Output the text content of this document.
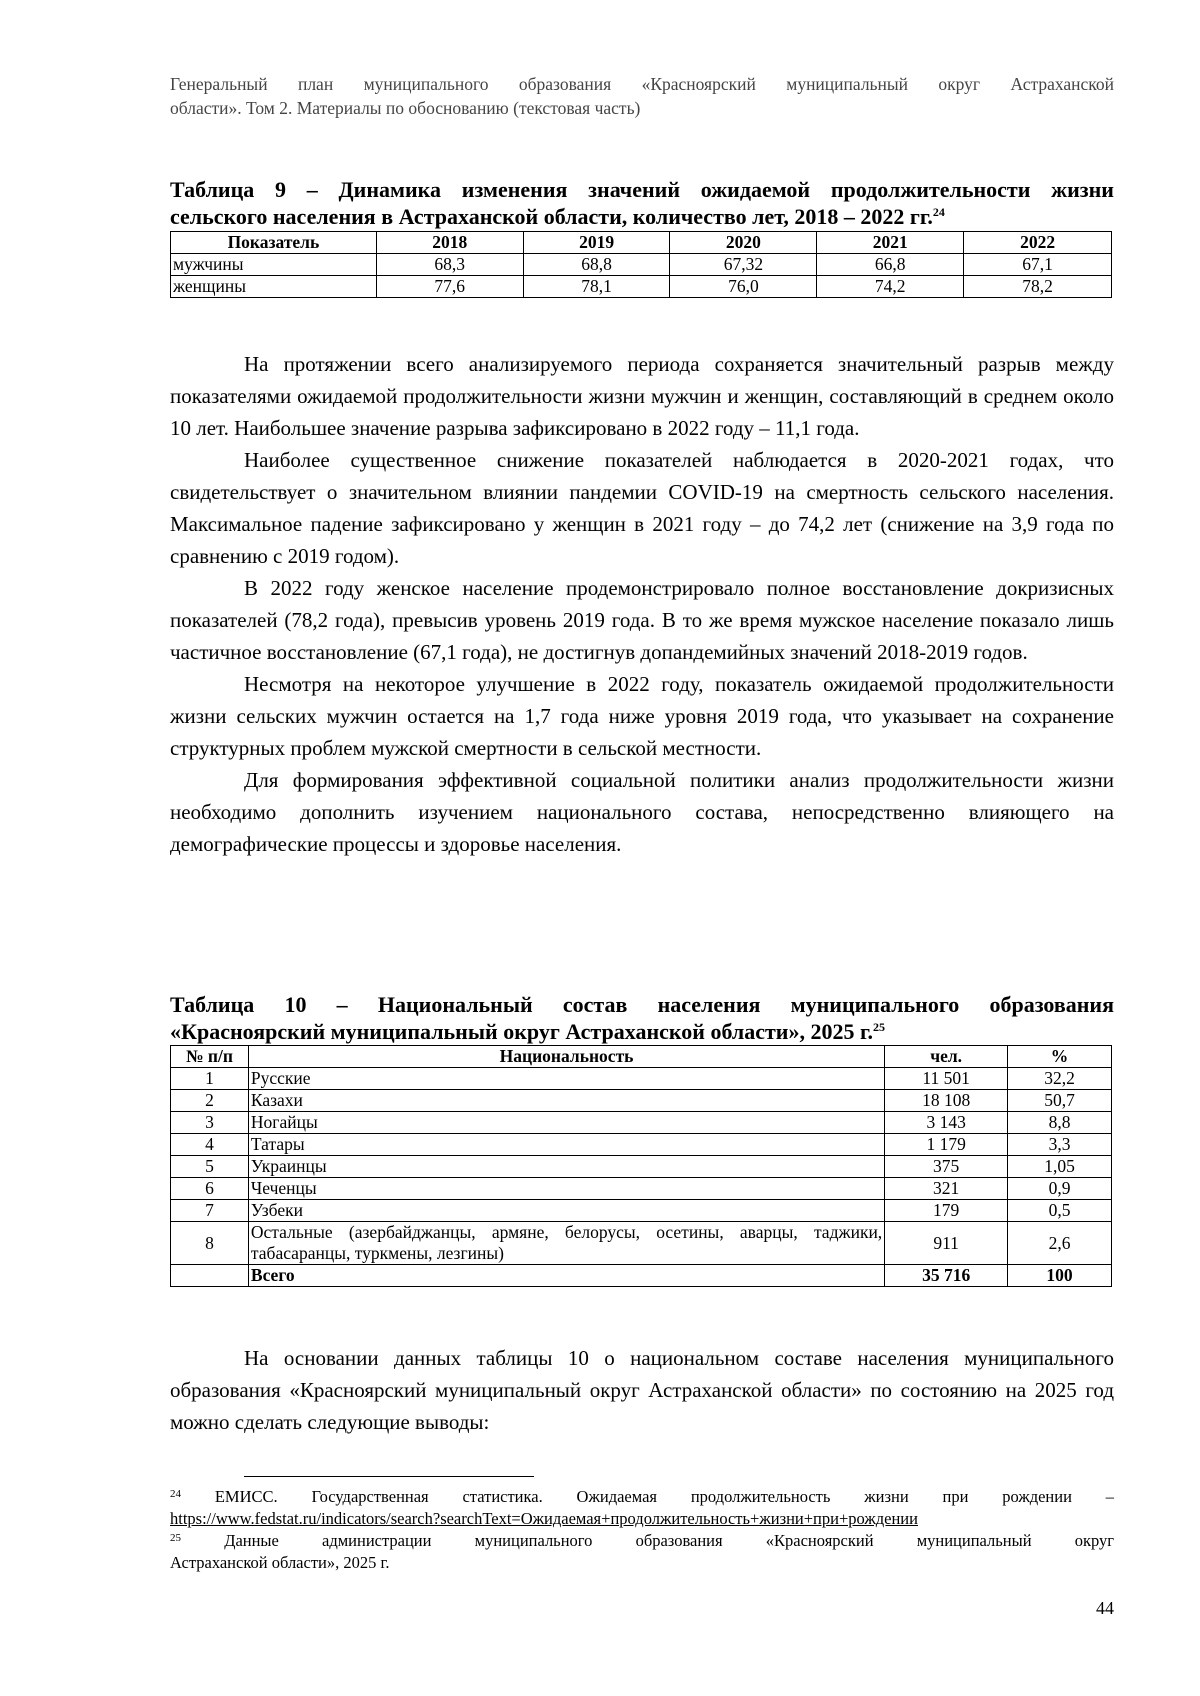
Генеральный план муниципального образования «Красноярский муниципальный округ Астраханской
области». Том 2. Материалы по обоснованию (текстовая часть)
Таблица 9 – Динамика изменения значений ожидаемой продолжительности жизни
сельского населения в Астраханской области, количество лет, 2018 – 2022 гг.$^{24}$
Показатель	2018	2019	2020	2021	2022
мужчины	68,3	68,8	67,32	66,8	67,1
женщины	77,6	78,1	76,0	74,2	78,2

На протяжении всего анализируемого периода сохраняется значительный разрыв между показателями ожидаемой продолжительности жизни мужчин и женщин, составляющий в среднем около 10 лет. Наибольшее значение разрыва зафиксировано в 2022 году – 11,1 года.

Наиболее существенное снижение показателей наблюдается в 2020-2021 годах, что свидетельствует о значительном влиянии пандемии COVID-19 на смертность сельского населения. Максимальное падение зафиксировано у женщин в 2021 году – до 74,2 лет (снижение на 3,9 года по сравнению с 2019 годом).

В 2022 году женское население продемонстрировало полное восстановление докризисных показателей (78,2 года), превысив уровень 2019 года. В то же время мужское население показало лишь частичное восстановление (67,1 года), не достигнув допандемийных значений 2018-2019 годов.

Несмотря на некоторое улучшение в 2022 году, показатель ожидаемой продолжительности жизни сельских мужчин остается на 1,7 года ниже уровня 2019 года, что указывает на сохранение структурных проблем мужской смертности в сельской местности.

Для формирования эффективной социальной политики анализ продолжительности жизни необходимо дополнить изучением национального состава, непосредственно влияющего на демографические процессы и здоровье населения.

Таблица 10 – Национальный состав населения муниципального образования
«Красноярский муниципальный округ Астраханской области», 2025 г.$^{25}$
№ п/п	Национальность	чел.	%
1	Русские	11 501	32,2
2	Казахи	18 108	50,7
3	Ногайцы	3 143	8,8
4	Татары	1 179	3,3
5	Украинцы	375	1,05
6	Чеченцы	321	0,9
7	Узбеки	179	0,5
8	Остальные (азербайджанцы, армяне, белорусы, осетины, аварцы, таджики, табасаранцы, туркмены, лезгины)	911	2,6
	Всего	35 716	100

На основании данных таблицы 10 о национальном составе населения муниципального образования «Красноярский муниципальный округ Астраханской области» по состоянию на 2025 год можно сделать следующие выводы:

$^{24}$ ЕМИСС. Государственная статистика. Ожидаемая продолжительность жизни при рождении –
https://www.fedstat.ru/indicators/search?searchText=Ожидаемая+продолжительность+жизни+при+рождении

$^{25}$	Данные администрации муниципального образования «Красноярский муниципальный округ
Астраханской области», 2025 г.

44
